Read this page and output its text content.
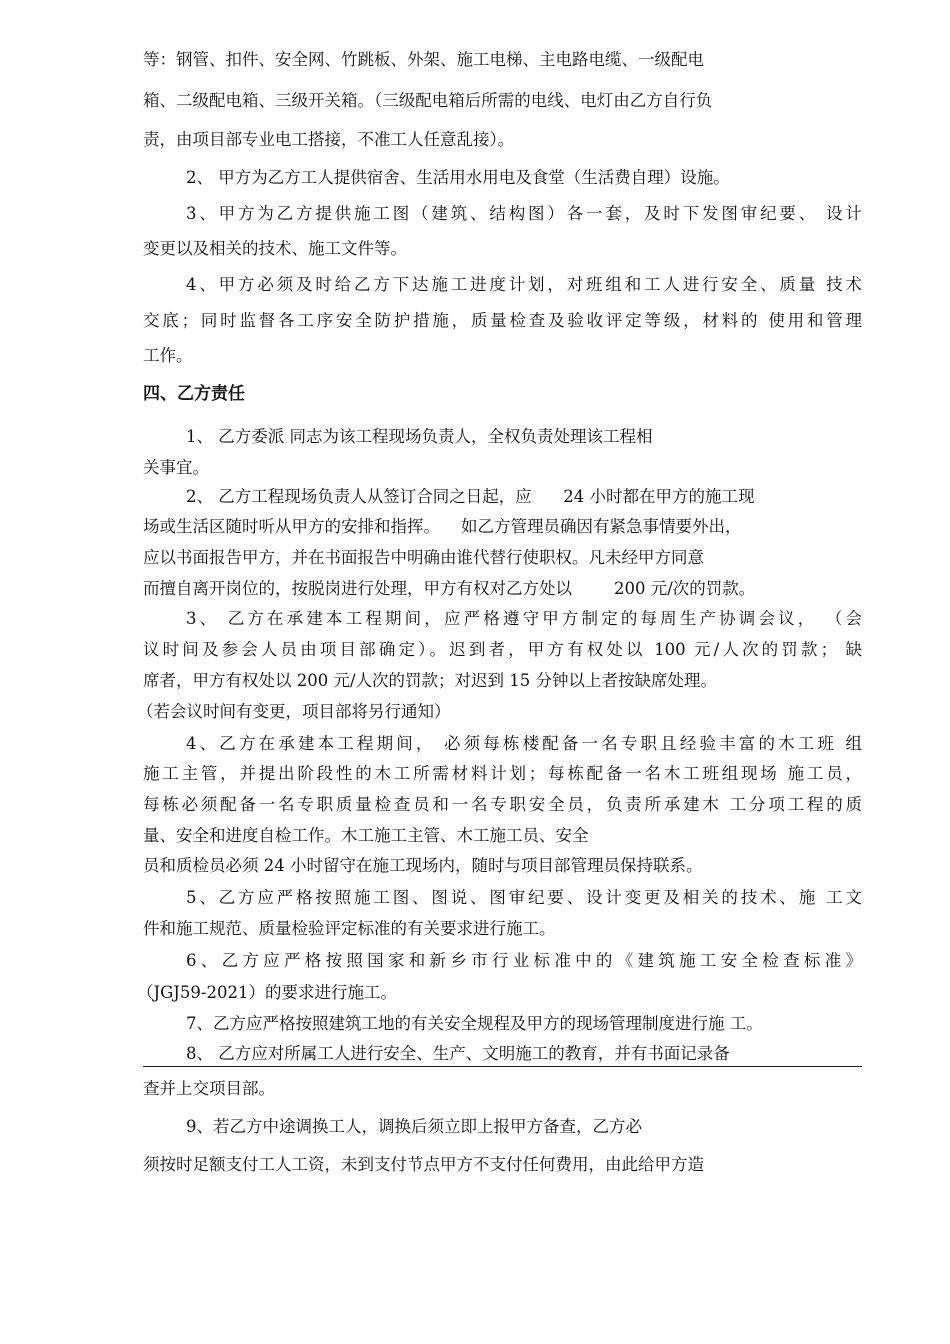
等：钢管、扣件、安全网、竹跳板、外架、施工电梯、主电路电缆、一级配电

箱、二级配电箱、三级开关箱。（三级配电箱后所需的电线、电灯由乙方自行负

责，由项目部专业电工搭接，不准工人任意乱接）。

2、 甲方为乙方工人提供宿舍、生活用水用电及食堂（生活费自理）设施。

3、甲方为乙方提供施工图（建筑、结构图）各一套，及时下发图审纪要、 设计

变更以及相关的技术、施工文件等。

4、甲方必须及时给乙方下达施工进度计划，对班组和工人进行安全、质量 技术

交底；同时监督各工序安全防护措施，质量检查及验收评定等级，材料的 使用和管理

工作。

四、乙方责任

1、 乙方委派 同志为该工程现场负责人，全权负责处理该工程相

关事宜。

2、 乙方工程现场负责人从签订合同之日起，应      24 小时都在甲方的施工现

场或生活区随时听从甲方的安排和指挥。    如乙方管理员确因有紧急事情要外出，

应以书面报告甲方，并在书面报告中明确由谁代替行使职权。凡未经甲方同意

而擅自离开岗位的，按脱岗进行处理，甲方有权对乙方处以        200 元/次的罚款。

3、 乙方在承建本工程期间，应严格遵守甲方制定的每周生产协调会议， （会

议时间及参会人员由项目部确定）。迟到者，甲方有权处以 100 元/人次的罚款； 缺

席者，甲方有权处以 200 元/人次的罚款；对迟到 15 分钟以上者按缺席处理。

（若会议时间有变更，项目部将另行通知）

4、乙方在承建本工程期间， 必须每栋楼配备一名专职且经验丰富的木工班 组

施工主管，并提出阶段性的木工所需材料计划；每栋配备一名木工班组现场 施工员，

每栋必须配备一名专职质量检查员和一名专职安全员，负责所承建木 工分项工程的质

量、安全和进度自检工作。木工施工主管、木工施工员、安全

员和质检员必须 24 小时留守在施工现场内，随时与项目部管理员保持联系。

5、乙方应严格按照施工图、图说、图审纪要、设计变更及相关的技术、施 工文

件和施工规范、质量检验评定标准的有关要求进行施工。

6、乙方应严格按照国家和新乡市行业标准中的《建筑施工安全检查标准》

（JGJ59-2021）的要求进行施工。

7、乙方应严格按照建筑工地的有关安全规程及甲方的现场管理制度进行施 工。

8、 乙方应对所属工人进行安全、生产、文明施工的教育，并有书面记录备

查并上交项目部。

9、若乙方中途调换工人，调换后须立即上报甲方备查，乙方必

须按时足额支付工人工资，未到支付节点甲方不支付任何费用，由此给甲方造
